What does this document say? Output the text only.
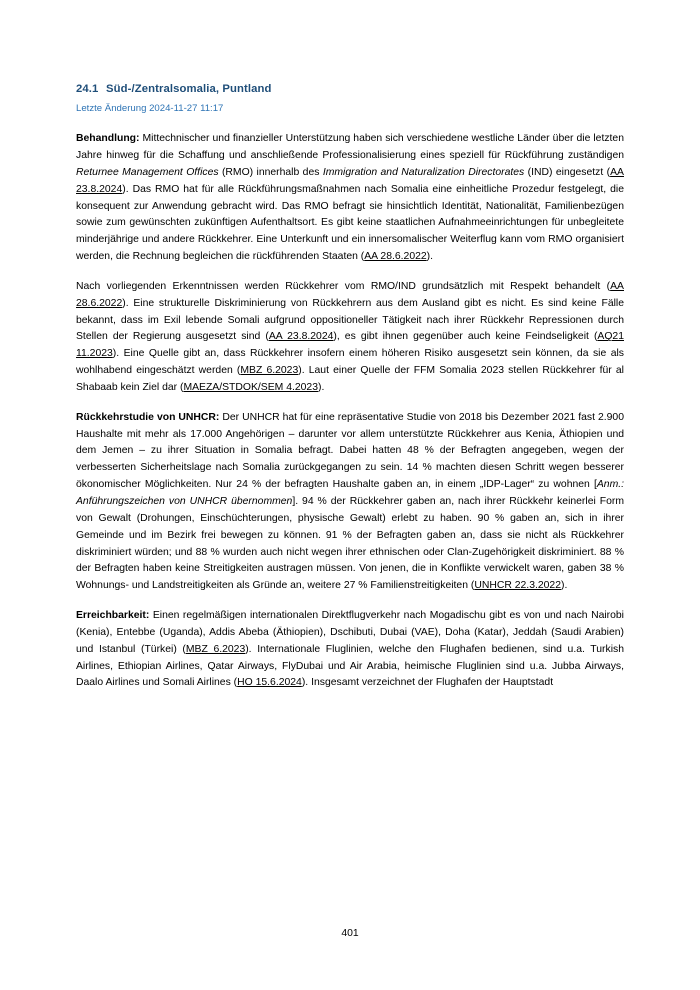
24.1 Süd-/Zentralsomalia, Puntland
Letzte Änderung 2024-11-27 11:17

Behandlung: Mittechnischer und finanzieller Unterstützung haben sich verschiedene westliche Länder über die letzten Jahre hinweg für die Schaffung und anschließende Professionalisierung eines speziell für Rückführung zuständigen Returnee Management Offices (RMO) innerhalb des Immigration and Naturalization Directorates (IND) eingesetzt (AA 23.8.2024). Das RMO hat für alle Rückführungsmaßnahmen nach Somalia eine einheitliche Prozedur festgelegt, die konsequent zur Anwendung gebracht wird. Das RMO befragt sie hinsichtlich Identität, Nationalität, Familienbezügen sowie zum gewünschten zukünftigen Aufenthaltsort. Es gibt keine staatlichen Aufnahmeeinrichtungen für unbegleitete minderjährige und andere Rückkehrer. Eine Unterkunft und ein innersomalischer Weiterflug kann vom RMO organisiert werden, die Rechnung begleichen die rückführenden Staaten (AA 28.6.2022).

Nach vorliegenden Erkenntnissen werden Rückkehrer vom RMO/IND grundsätzlich mit Respekt behandelt (AA 28.6.2022). Eine strukturelle Diskriminierung von Rückkehrern aus dem Ausland gibt es nicht. Es sind keine Fälle bekannt, dass im Exil lebende Somali aufgrund oppositioneller Tätigkeit nach ihrer Rückkehr Repressionen durch Stellen der Regierung ausgesetzt sind (AA 23.8.2024), es gibt ihnen gegenüber auch keine Feindseligkeit (AQ21 11.2023). Eine Quelle gibt an, dass Rückkehrer insofern einem höheren Risiko ausgesetzt sein können, da sie als wohlhabend eingeschätzt werden (MBZ 6.2023). Laut einer Quelle der FFM Somalia 2023 stellen Rückkehrer für al Shabaab kein Ziel dar (MAEZA/STDOK/SEM 4.2023).

Rückkehrstudie von UNHCR: Der UNHCR hat für eine repräsentative Studie von 2018 bis Dezember 2021 fast 2.900 Haushalte mit mehr als 17.000 Angehörigen – darunter vor allem unterstützte Rückkehrer aus Kenia, Äthiopien und dem Jemen – zu ihrer Situation in Somalia befragt. Dabei hatten 48 % der Befragten angegeben, wegen der verbesserten Sicherheitslage nach Somalia zurückgegangen zu sein. 14 % machten diesen Schritt wegen besserer ökonomischer Möglichkeiten. Nur 24 % der befragten Haushalte gaben an, in einem „IDP-Lager“ zu wohnen [Anm.: Anführungszeichen von UNHCR übernommen]. 94 % der Rückkehrer gaben an, nach ihrer Rückkehr keinerlei Form von Gewalt (Drohungen, Einschüchterungen, physische Gewalt) erlebt zu haben. 90 % gaben an, sich in ihrer Gemeinde und im Bezirk frei bewegen zu können. 91 % der Befragten gaben an, dass sie nicht als Rückkehrer diskriminiert würden; und 88 % wurden auch nicht wegen ihrer ethnischen oder Clan-Zugehörigkeit diskriminiert. 88 % der Befragten haben keine Streitigkeiten austragen müssen. Von jenen, die in Konflikte verwickelt waren, gaben 38 % Wohnungs- und Landstreitigkeiten als Gründe an, weitere 27 % Familienstreitigkeiten (UNHCR 22.3.2022).

Erreichbarkeit: Einen regelmäßigen internationalen Direktflugverkehr nach Mogadischu gibt es von und nach Nairobi (Kenia), Entebbe (Uganda), Addis Abeba (Äthiopien), Dschibuti, Dubai (VAE), Doha (Katar), Jeddah (Saudi Arabien) und Istanbul (Türkei) (MBZ 6.2023). Internationale Fluglinien, welche den Flughafen bedienen, sind u.a. Turkish Airlines, Ethiopian Airlines, Qatar Airways, FlyDubai und Air Arabia, heimische Fluglinien sind u.a. Jubba Airways, Daalo Airlines und Somali Airlines (HO 15.6.2024). Insgesamt verzeichnet der Flughafen der Hauptstadt

401
